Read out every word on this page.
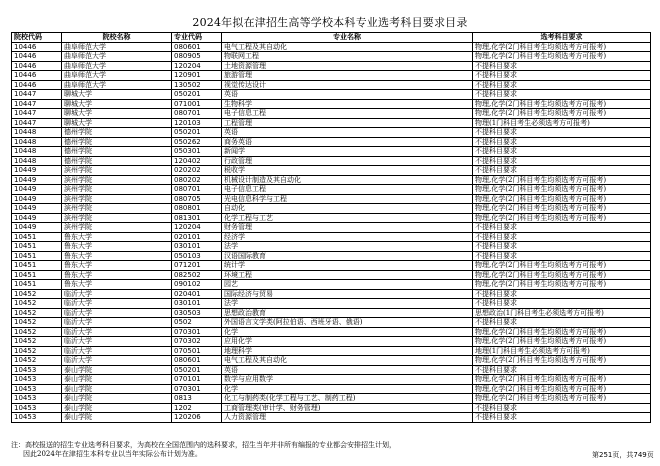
2024年拟在津招生高等学校本科专业选考科目要求目录
院校代码	院校名称	专业代码	专业名称	选考科目要求
10446	曲阜师范大学	080601	电气工程及其自动化	物理,化学(2门科目考生均须选考方可报考)
10446	曲阜师范大学	080905	物联网工程	物理,化学(2门科目考生均须选考方可报考)
10446	曲阜师范大学	120204	土地资源管理	不提科目要求
10446	曲阜师范大学	120901	旅游管理	不提科目要求
10446	曲阜师范大学	130502	视觉传达设计	不提科目要求
10447	聊城大学	050201	英语	不提科目要求
10447	聊城大学	071001	生物科学	物理,化学(2门科目考生均须选考方可报考)
10447	聊城大学	080701	电子信息工程	物理,化学(2门科目考生均须选考方可报考)
10447	聊城大学	120103	工程管理	物理(1门科目考生必须选考方可报考)
10448	德州学院	050201	英语	不提科目要求
10448	德州学院	050262	商务英语	不提科目要求
10448	德州学院	050301	新闻学	不提科目要求
10448	德州学院	120402	行政管理	不提科目要求
10449	滨州学院	020202	税收学	不提科目要求
10449	滨州学院	080202	机械设计制造及其自动化	物理,化学(2门科目考生均须选考方可报考)
10449	滨州学院	080701	电子信息工程	物理,化学(2门科目考生均须选考方可报考)
10449	滨州学院	080705	光电信息科学与工程	物理,化学(2门科目考生均须选考方可报考)
10449	滨州学院	080801	自动化	物理,化学(2门科目考生均须选考方可报考)
10449	滨州学院	081301	化学工程与工艺	物理,化学(2门科目考生均须选考方可报考)
10449	滨州学院	120204	财务管理	不提科目要求
10451	鲁东大学	020101	经济学	不提科目要求
10451	鲁东大学	030101	法学	不提科目要求
10451	鲁东大学	050103	汉语国际教育	不提科目要求
10451	鲁东大学	071201	统计学	物理,化学(2门科目考生均须选考方可报考)
10451	鲁东大学	082502	环境工程	物理,化学(2门科目考生均须选考方可报考)
10451	鲁东大学	090102	园艺	物理,化学(2门科目考生均须选考方可报考)
10452	临沂大学	020401	国际经济与贸易	不提科目要求
10452	临沂大学	030101	法学	不提科目要求
10452	临沂大学	030503	思想政治教育	思想政治(1门科目考生必须选考方可报考)
10452	临沂大学	0502	外国语言文学类(阿拉伯语、西班牙语、俄语)	不提科目要求
10452	临沂大学	070301	化学	物理,化学(2门科目考生均须选考方可报考)
10452	临沂大学	070302	应用化学	物理,化学(2门科目考生均须选考方可报考)
10452	临沂大学	070501	地理科学	地理(1门科目考生必须选考方可报考)
10452	临沂大学	080601	电气工程及其自动化	物理,化学(2门科目考生均须选考方可报考)
10453	泰山学院	050201	英语	不提科目要求
10453	泰山学院	070101	数学与应用数学	物理,化学(2门科目考生均须选考方可报考)
10453	泰山学院	070301	化学	物理,化学(2门科目考生均须选考方可报考)
10453	泰山学院	0813	化工与制药类(化学工程与工艺、制药工程)	物理,化学(2门科目考生均须选考方可报考)
10453	泰山学院	1202	工商管理类(审计学、财务管理)	不提科目要求
10453	泰山学院	120206	人力资源管理	不提科目要求
注：高校报送的招生专业选考科目要求，为高校在全国范围内的选科要求，招生当年并非所有编报的专业都会安排招生计划，
因此2024年在津招生本科专业以当年实际公布计划为准。	第251页，共749页
